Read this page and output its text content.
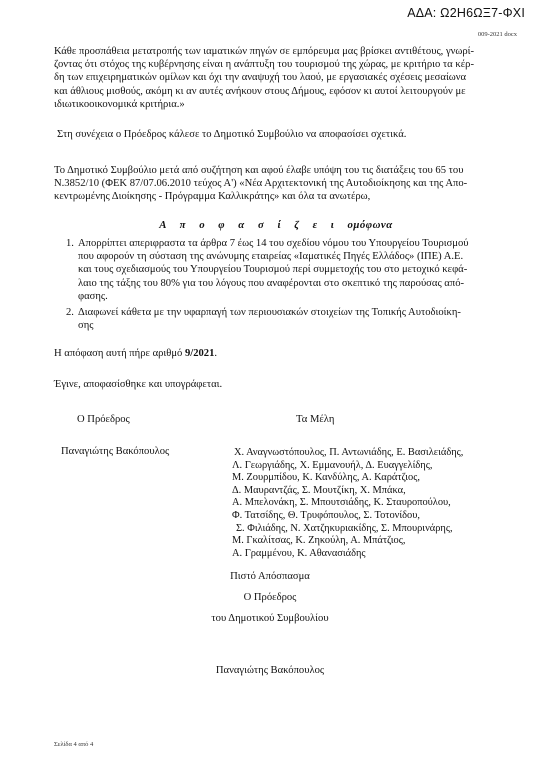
ΑΔΑ: Ω2Η6ΩΞ7-ΦΧΙ
009-2021 docx
Κάθε προσπάθεια μετατροπής των ιαματικών πηγών σε εμπόρευμα μας βρίσκει αντιθέτους, γνωρί-
ζοντας ότι στόχος της κυβέρνησης είναι η ανάπτυξη του τουρισμού της χώρας, με κριτήριο τα κέρ-
δη των επιχειρηματικών ομίλων και όχι την αναψυχή του λαού, με εργασιακές σχέσεις μεσαίωνα
και άθλιους μισθούς, ακόμη κι αν αυτές ανήκουν στους Δήμους, εφόσον κι αυτοί λειτουργούν με
ιδιωτικοοικονομικά κριτήρια.»
Στη συνέχεια ο Πρόεδρος κάλεσε το Δημοτικό Συμβούλιο να αποφασίσει σχετικά.
Το Δημοτικό Συμβούλιο μετά από συζήτηση και αφού έλαβε υπόψη του τις διατάξεις του 65 του
Ν.3852/10 (ΦΕΚ 87/07.06.2010 τεύχος Α') «Νέα Αρχιτεκτονική της Αυτοδιοίκησης και της Απο-
κεντρωμένης Διοίκησης - Πρόγραμμα Καλλικράτης» και όλα τα ανωτέρω,
Α π ο φ α σ ί ζ ε ι ομόφωνα
1. Απορρίπτει απεριφραστα τα άρθρα 7 έως 14 του σχεδίου νόμου του Υπουργείου Τουρισμού
που αφορούν τη σύσταση της ανώνυμης εταιρείας «Ιαματικές Πηγές Ελλάδος» (ΙΠΕ) Α.Ε.
και τους σχεδιασμούς του Υπουργείου Τουρισμού περί συμμετοχής του στο μετοχικό κεφά-
λαιο της τάξης του 80% για του λόγους που αναφέρονται στο σκεπτικό της παρούσας από-
φασης.
2. Διαφωνεί κάθετα με την υφαρπαγή των περιουσιακών στοιχείων της Τοπικής Αυτοδιοίκη-
σης
Η απόφαση αυτή πήρε αριθμό 9/2021.
Έγινε, αποφασίσθηκε και υπογράφεται.
Ο Πρόεδρος	Τα Μέλη
Παναγιώτης Βακόπουλος	Χ. Αναγνωστόπουλος, Π. Αντωνιάδης, Ε. Βασιλειάδης,
Λ. Γεωργιάδης, Χ. Εμμανουήλ, Δ. Ευαγγελίδης,
Μ. Ζουρμπίδου, Κ. Κανδύλης, Α. Καράτζιος,
Δ. Μαυραντζάς, Σ. Μουτζίκη, Χ. Μπάκα,
Α. Μπελονάκη, Σ. Μπουτσιάδης, Κ. Σταυροπούλου,
Φ. Τατσίδης, Θ. Τρυφόπουλος, Σ. Τοτονίδου,
Σ. Φιλιάδης, Ν. Χατζηκυριακίδης, Σ. Μπουρινάρης,
Μ. Γκαλίτσας, Κ. Ζηκούλη, Α. Μπάτζιος,
Α. Γραμμένου, Κ. Αθανασιάδης
Πιστό Απόσπασμα
Ο Πρόεδρος
του Δημοτικού Συμβουλίου
Παναγιώτης Βακόπουλος
Σελίδα 4 από 4
